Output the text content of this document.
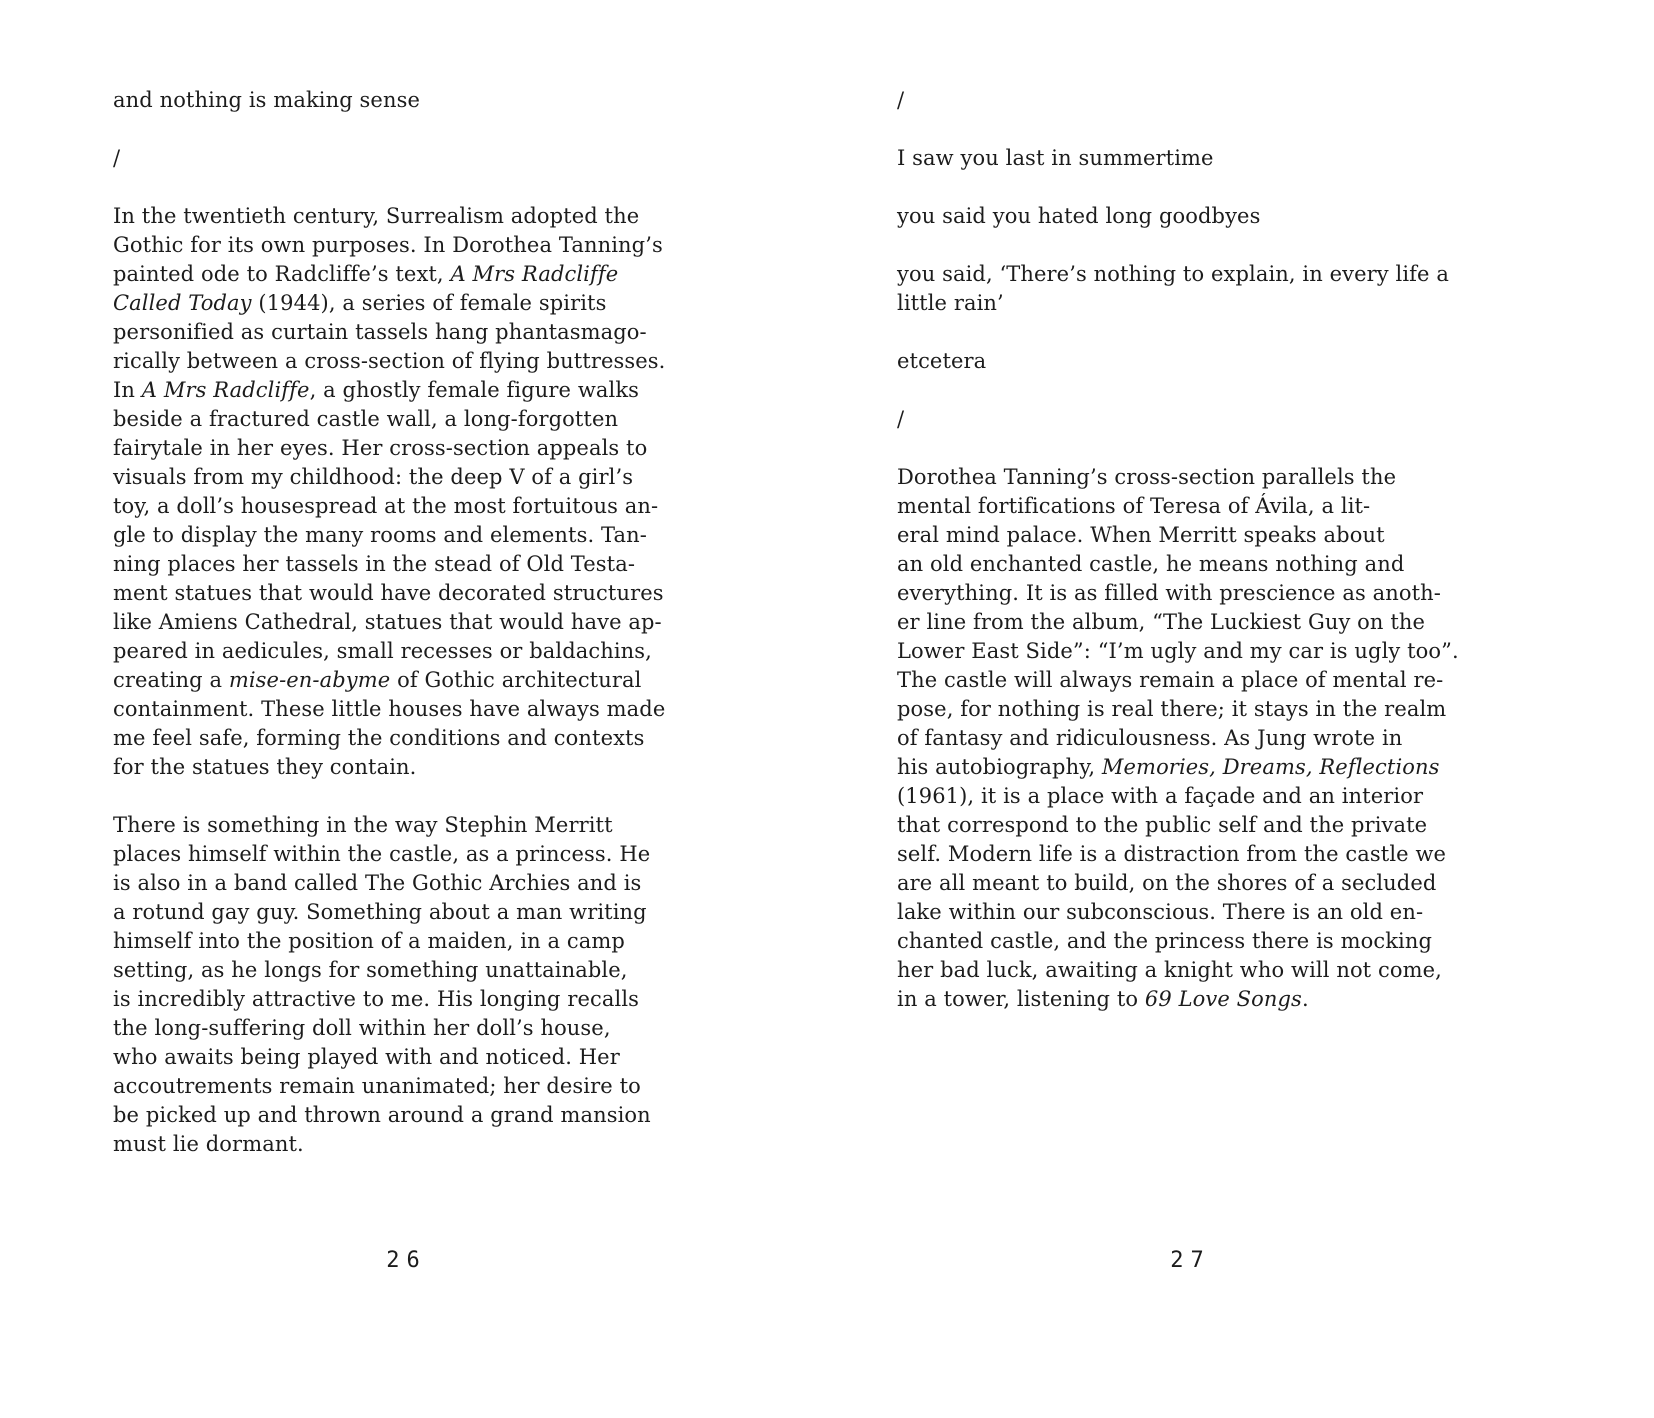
and nothing is making sense
/
In the twentieth century, Surrealism adopted the
Gothic for its own purposes. In Dorothea Tanning’s
painted ode to Radcliffe’s text, A Mrs Radcliffe
Called Today (1944), a series of female spirits
personified as curtain tassels hang phantasmago-
rically between a cross-section of flying buttresses.
In A Mrs Radcliffe, a ghostly female figure walks
beside a fractured castle wall, a long-forgotten
fairytale in her eyes. Her cross-section appeals to
visuals from my childhood: the deep V of a girl’s
toy, a doll’s housespread at the most fortuitous an-
gle to display the many rooms and elements. Tan-
ning places her tassels in the stead of Old Testa-
ment statues that would have decorated structures
like Amiens Cathedral, statues that would have ap-
peared in aedicules, small recesses or baldachins,
creating a mise-en-abyme of Gothic architectural
containment. These little houses have always made
me feel safe, forming the conditions and contexts
for the statues they contain.
There is something in the way Stephin Merritt
places himself within the castle, as a princess. He
is also in a band called The Gothic Archies and is
a rotund gay guy. Something about a man writing
himself into the position of a maiden, in a camp
setting, as he longs for something unattainable,
is incredibly attractive to me. His longing recalls
the long-suffering doll within her doll’s house,
who awaits being played with and noticed. Her
accoutrements remain unanimated; her desire to
be picked up and thrown around a grand mansion
must lie dormant.
26
/
I saw you last in summertime
you said you hated long goodbyes
you said, ‘There’s nothing to explain, in every life a
little rain’
etcetera
/
Dorothea Tanning’s cross-section parallels the
mental fortifications of Teresa of Ávila, a lit-
eral mind palace. When Merritt speaks about
an old enchanted castle, he means nothing and
everything. It is as filled with prescience as anoth-
er line from the album, “The Luckiest Guy on the
Lower East Side”: “I’m ugly and my car is ugly too”.
The castle will always remain a place of mental re-
pose, for nothing is real there; it stays in the realm
of fantasy and ridiculousness. As Jung wrote in
his autobiography, Memories, Dreams, Reflections
(1961), it is a place with a façade and an interior
that correspond to the public self and the private
self. Modern life is a distraction from the castle we
are all meant to build, on the shores of a secluded
lake within our subconscious. There is an old en-
chanted castle, and the princess there is mocking
her bad luck, awaiting a knight who will not come,
in a tower, listening to 69 Love Songs.
27
